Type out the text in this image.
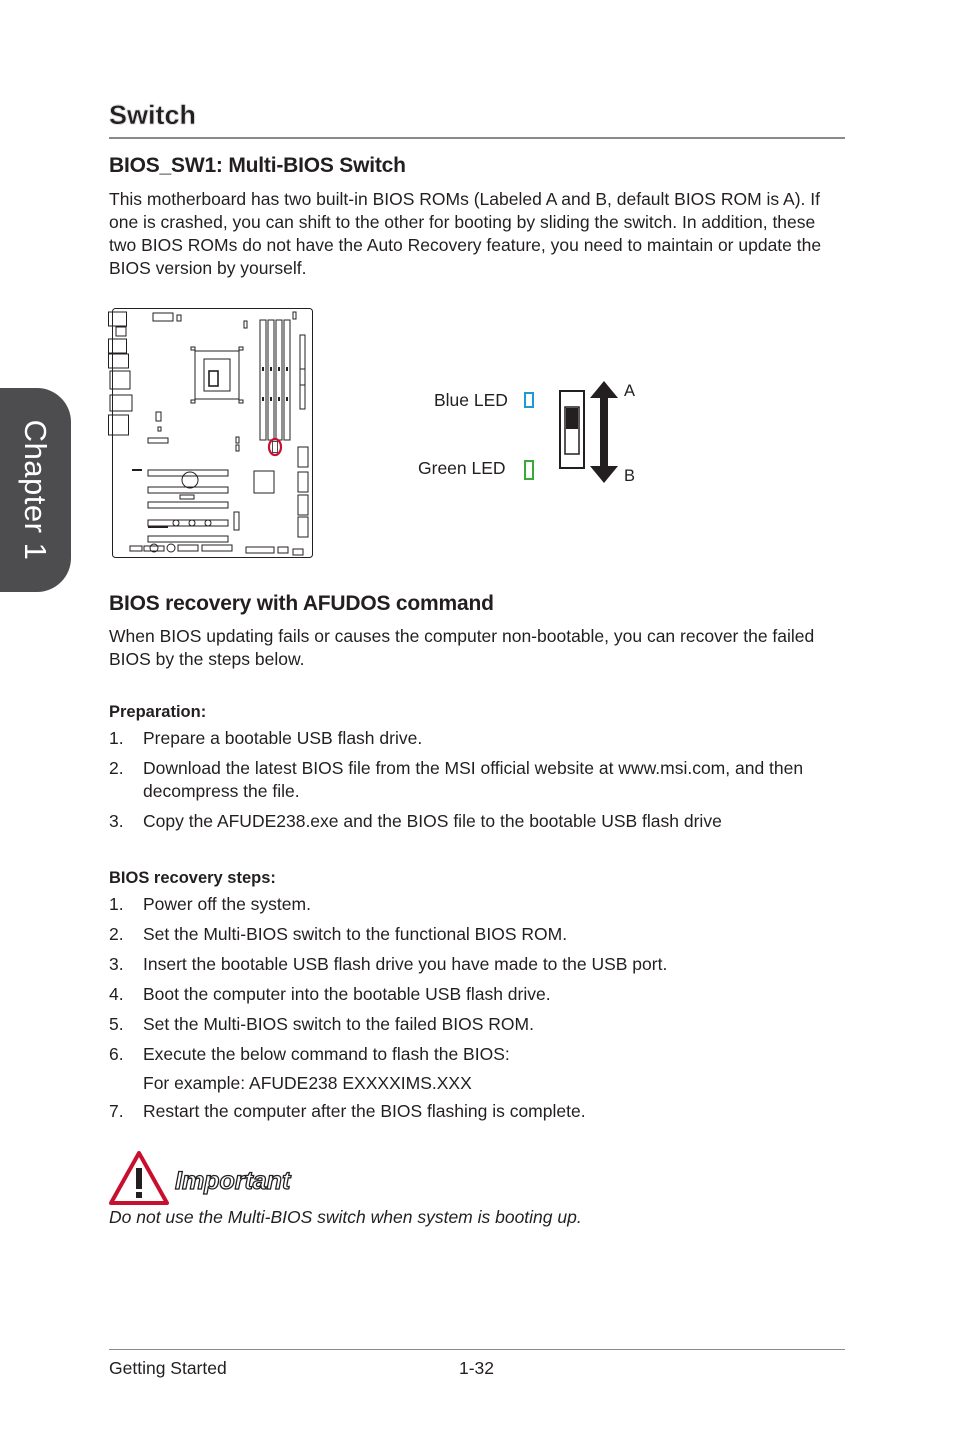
Chapter 1
Switch
BIOS_SW1: Multi-BIOS Switch
This motherboard has two built-in BIOS ROMs (Labeled A and B, default BIOS ROM is A). If one is crashed, you can shift to the other for booting by sliding the switch. In addition, these two BIOS ROMs do not have the Auto Recovery feature, you need to maintain or update the BIOS version by yourself.
Blue LED
Green LED
A
B
BIOS recovery with AFUDOS command
When BIOS updating fails or causes the computer non-bootable, you can recover the failed BIOS by the steps below.
Preparation:
1. Prepare a bootable USB flash drive.
2. Download the latest BIOS file from the MSI official website at www.msi.com, and then decompress the file.
3. Copy the AFUDE238.exe and the BIOS file to the bootable USB flash drive
BIOS recovery steps:
1. Power off the system.
2. Set the Multi-BIOS switch to the functional BIOS ROM.
3. Insert the bootable USB flash drive you have made to the USB port.
4. Boot the computer into the bootable USB flash drive.
5. Set the Multi-BIOS switch to the failed BIOS ROM.
6. Execute the below command to flash the BIOS:
For example: AFUDE238 EXXXXIMS.XXX
7. Restart the computer after the BIOS flashing is complete.
Important
Do not use the Multi-BIOS switch when system is booting up.
Getting Started	1-32
